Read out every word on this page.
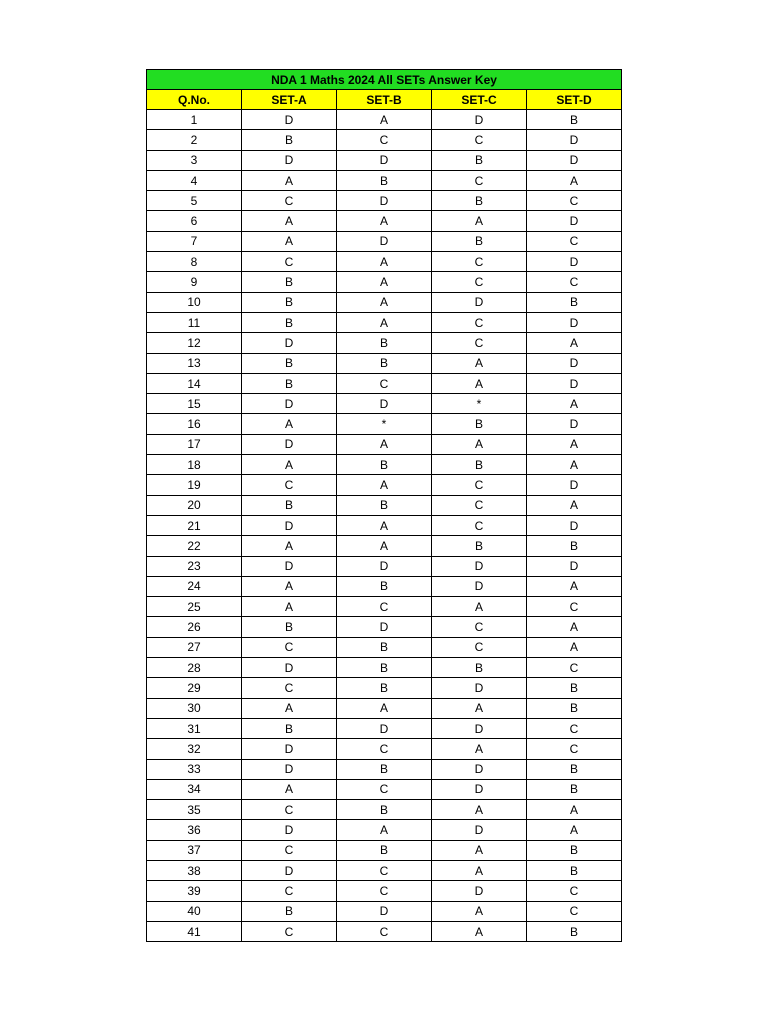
NDA 1 Maths 2024 All SETs Answer Key				
Q.No.	SET-A	SET-B	SET-C	SET-D
1	D	A	D	B
2	B	C	C	D
3	D	D	B	D
4	A	B	C	A
5	C	D	B	C
6	A	A	A	D
7	A	D	B	C
8	C	A	C	D
9	B	A	C	C
10	B	A	D	B
11	B	A	C	D
12	D	B	C	A
13	B	B	A	D
14	B	C	A	D
15	D	D	*	A
16	A	*	B	D
17	D	A	A	A
18	A	B	B	A
19	C	A	C	D
20	B	B	C	A
21	D	A	C	D
22	A	A	B	B
23	D	D	D	D
24	A	B	D	A
25	A	C	A	C
26	B	D	C	A
27	C	B	C	A
28	D	B	B	C
29	C	B	D	B
30	A	A	A	B
31	B	D	D	C
32	D	C	A	C
33	D	B	D	B
34	A	C	D	B
35	C	B	A	A
36	D	A	D	A
37	C	B	A	B
38	D	C	A	B
39	C	C	D	C
40	B	D	A	C
41	C	C	A	B
